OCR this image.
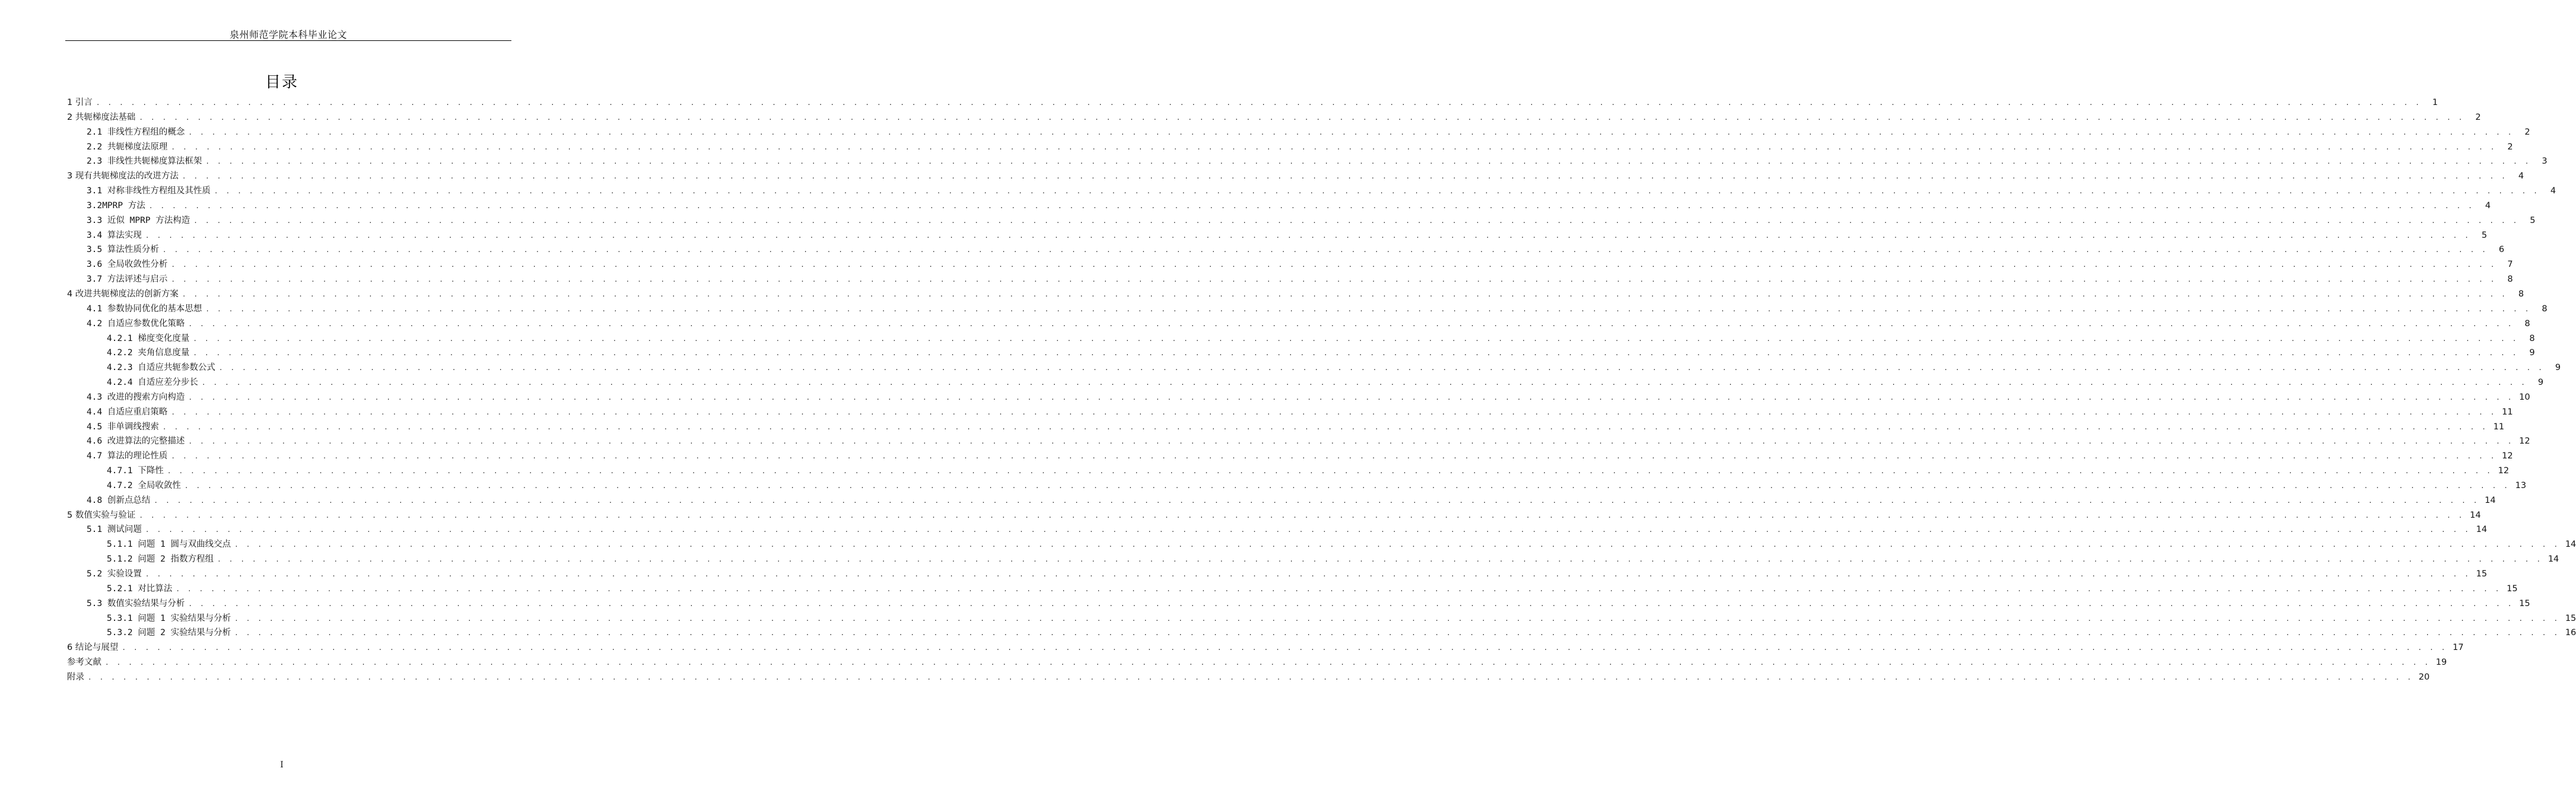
泉州师范学院本科毕业论文
目录
1 引言 . . . . . . . . . . . . . . . . . . . . . . . . . . . . . . . . . . . . . . . . . . . . . . . . . . . . . . . . . . . . . . . . . . . . . . . . . . . . . . . . . . . . . . . . . . . . . . . . . . . . . . . . . . . . . . . . . . . . . . . . . . . . . . . . . . . . . . . . . . . . . . . . . . . . . . . . . . . . . . . . . . . . . . . . . . . . . . . . . . . . . . . . . . . . . . . . . . . . . . . .	1
2 共轭梯度法基础 . . . . . . . . . . . . . . . . . . . . . . . . . . . . . . . . . . . . . . . . . . . . . . . . . . . . . . . . . . . . . . . . . . . . . . . . . . . . . . . . . . . . . . . . . . . . . . . . . . . . . . . . . . . . . . . . . . . . . . . . . . . . . . . . . . . . . . . . . . . . . . . . . . . . . . . . . . . . . . . . . . . . . . . . . . . . . . . . . . . . . . . . . . . . . . . . . . . . . . . .	2
2.1 非线性方程组的概念 . . . . . . . . . . . . . . . . . . . . . . . . . . . . . . . . . . . . . . . . . . . . . . . . . . . . . . . . . . . . . . . . . . . . . . . . . . . . . . . . . . . . . . . . . . . . . . . . . . . . . . . . . . . . . . . . . . . . . . . . . . . . . . . . . . . . . . . . . . . . . . . . . . . . . . . . . . . . . . . . . . . . . . . . . . . . . . . . . . . . . . . . . . . . . . . . . . . . . . . .	2
2.2 共轭梯度法原理 . . . . . . . . . . . . . . . . . . . . . . . . . . . . . . . . . . . . . . . . . . . . . . . . . . . . . . . . . . . . . . . . . . . . . . . . . . . . . . . . . . . . . . . . . . . . . . . . . . . . . . . . . . . . . . . . . . . . . . . . . . . . . . . . . . . . . . . . . . . . . . . . . . . . . . . . . . . . . . . . . . . . . . . . . . . . . . . . . . . . . . . . . . . . . . . . . . . . . . . .	2
2.3 非线性共轭梯度算法框架 . . . . . . . . . . . . . . . . . . . . . . . . . . . . . . . . . . . . . . . . . . . . . . . . . . . . . . . . . . . . . . . . . . . . . . . . . . . . . . . . . . . . . . . . . . . . . . . . . . . . . . . . . . . . . . . . . . . . . . . . . . . . . . . . . . . . . . . . . . . . . . . . . . . . . . . . . . . . . . . . . . . . . . . . . . . . . . . . . . . . . . . . . . . . . . . . . . . . . . . .	3
3 现有共轭梯度法的改进方法 . . . . . . . . . . . . . . . . . . . . . . . . . . . . . . . . . . . . . . . . . . . . . . . . . . . . . . . . . . . . . . . . . . . . . . . . . . . . . . . . . . . . . . . . . . . . . . . . . . . . . . . . . . . . . . . . . . . . . . . . . . . . . . . . . . . . . . . . . . . . . . . . . . . . . . . . . . . . . . . . . . . . . . . . . . . . . . . . . . . . . . . . . . . . . . . . . . . . . . . .	4
3.1 对称非线性方程组及其性质 . . . . . . . . . . . . . . . . . . . . . . . . . . . . . . . . . . . . . . . . . . . . . . . . . . . . . . . . . . . . . . . . . . . . . . . . . . . . . . . . . . . . . . . . . . . . . . . . . . . . . . . . . . . . . . . . . . . . . . . . . . . . . . . . . . . . . . . . . . . . . . . . . . . . . . . . . . . . . . . . . . . . . . . . . . . . . . . . . . . . . . . . . . . . . . . . . . . . . . . .	4
3.2MPRP 方法 . . . . . . . . . . . . . . . . . . . . . . . . . . . . . . . . . . . . . . . . . . . . . . . . . . . . . . . . . . . . . . . . . . . . . . . . . . . . . . . . . . . . . . . . . . . . . . . . . . . . . . . . . . . . . . . . . . . . . . . . . . . . . . . . . . . . . . . . . . . . . . . . . . . . . . . . . . . . . . . . . . . . . . . . . . . . . . . . . . . . . . . . . . . . . . . . . . . . . . . .	4
3.3 近似 MPRP 方法构造 . . . . . . . . . . . . . . . . . . . . . . . . . . . . . . . . . . . . . . . . . . . . . . . . . . . . . . . . . . . . . . . . . . . . . . . . . . . . . . . . . . . . . . . . . . . . . . . . . . . . . . . . . . . . . . . . . . . . . . . . . . . . . . . . . . . . . . . . . . . . . . . . . . . . . . . . . . . . . . . . . . . . . . . . . . . . . . . . . . . . . . . . . . . . . . . . . . . . . . . .	5
3.4 算法实现 . . . . . . . . . . . . . . . . . . . . . . . . . . . . . . . . . . . . . . . . . . . . . . . . . . . . . . . . . . . . . . . . . . . . . . . . . . . . . . . . . . . . . . . . . . . . . . . . . . . . . . . . . . . . . . . . . . . . . . . . . . . . . . . . . . . . . . . . . . . . . . . . . . . . . . . . . . . . . . . . . . . . . . . . . . . . . . . . . . . . . . . . . . . . . . . . . . . . . . . .	5
3.5 算法性质分析 . . . . . . . . . . . . . . . . . . . . . . . . . . . . . . . . . . . . . . . . . . . . . . . . . . . . . . . . . . . . . . . . . . . . . . . . . . . . . . . . . . . . . . . . . . . . . . . . . . . . . . . . . . . . . . . . . . . . . . . . . . . . . . . . . . . . . . . . . . . . . . . . . . . . . . . . . . . . . . . . . . . . . . . . . . . . . . . . . . . . . . . . . . . . . . . . . . . . . . . .	6
3.6 全局收敛性分析 . . . . . . . . . . . . . . . . . . . . . . . . . . . . . . . . . . . . . . . . . . . . . . . . . . . . . . . . . . . . . . . . . . . . . . . . . . . . . . . . . . . . . . . . . . . . . . . . . . . . . . . . . . . . . . . . . . . . . . . . . . . . . . . . . . . . . . . . . . . . . . . . . . . . . . . . . . . . . . . . . . . . . . . . . . . . . . . . . . . . . . . . . . . . . . . . . . . . . . . .	7
3.7 方法评述与启示 . . . . . . . . . . . . . . . . . . . . . . . . . . . . . . . . . . . . . . . . . . . . . . . . . . . . . . . . . . . . . . . . . . . . . . . . . . . . . . . . . . . . . . . . . . . . . . . . . . . . . . . . . . . . . . . . . . . . . . . . . . . . . . . . . . . . . . . . . . . . . . . . . . . . . . . . . . . . . . . . . . . . . . . . . . . . . . . . . . . . . . . . . . . . . . . . . . . . . . . .	8
4 改进共轭梯度法的创新方案 . . . . . . . . . . . . . . . . . . . . . . . . . . . . . . . . . . . . . . . . . . . . . . . . . . . . . . . . . . . . . . . . . . . . . . . . . . . . . . . . . . . . . . . . . . . . . . . . . . . . . . . . . . . . . . . . . . . . . . . . . . . . . . . . . . . . . . . . . . . . . . . . . . . . . . . . . . . . . . . . . . . . . . . . . . . . . . . . . . . . . . . . . . . . . . . . . . . . . . . .	8
4.1 参数协同优化的基本思想 . . . . . . . . . . . . . . . . . . . . . . . . . . . . . . . . . . . . . . . . . . . . . . . . . . . . . . . . . . . . . . . . . . . . . . . . . . . . . . . . . . . . . . . . . . . . . . . . . . . . . . . . . . . . . . . . . . . . . . . . . . . . . . . . . . . . . . . . . . . . . . . . . . . . . . . . . . . . . . . . . . . . . . . . . . . . . . . . . . . . . . . . . . . . . . . . . . . . . . . .	8
4.2 自适应参数优化策略 . . . . . . . . . . . . . . . . . . . . . . . . . . . . . . . . . . . . . . . . . . . . . . . . . . . . . . . . . . . . . . . . . . . . . . . . . . . . . . . . . . . . . . . . . . . . . . . . . . . . . . . . . . . . . . . . . . . . . . . . . . . . . . . . . . . . . . . . . . . . . . . . . . . . . . . . . . . . . . . . . . . . . . . . . . . . . . . . . . . . . . . . . . . . . . . . . . . . . . . .	8
4.2.1 梯度变化度量 . . . . . . . . . . . . . . . . . . . . . . . . . . . . . . . . . . . . . . . . . . . . . . . . . . . . . . . . . . . . . . . . . . . . . . . . . . . . . . . . . . . . . . . . . . . . . . . . . . . . . . . . . . . . . . . . . . . . . . . . . . . . . . . . . . . . . . . . . . . . . . . . . . . . . . . . . . . . . . . . . . . . . . . . . . . . . . . . . . . . . . . . . . . . . . . . . . . . . . . .	8
4.2.2 夹角信息度量 . . . . . . . . . . . . . . . . . . . . . . . . . . . . . . . . . . . . . . . . . . . . . . . . . . . . . . . . . . . . . . . . . . . . . . . . . . . . . . . . . . . . . . . . . . . . . . . . . . . . . . . . . . . . . . . . . . . . . . . . . . . . . . . . . . . . . . . . . . . . . . . . . . . . . . . . . . . . . . . . . . . . . . . . . . . . . . . . . . . . . . . . . . . . . . . . . . . . . . . .	9
4.2.3 自适应共轭参数公式 . . . . . . . . . . . . . . . . . . . . . . . . . . . . . . . . . . . . . . . . . . . . . . . . . . . . . . . . . . . . . . . . . . . . . . . . . . . . . . . . . . . . . . . . . . . . . . . . . . . . . . . . . . . . . . . . . . . . . . . . . . . . . . . . . . . . . . . . . . . . . . . . . . . . . . . . . . . . . . . . . . . . . . . . . . . . . . . . . . . . . . . . . . . . . . . . . . . . . . . .	9
4.2.4 自适应差分步长 . . . . . . . . . . . . . . . . . . . . . . . . . . . . . . . . . . . . . . . . . . . . . . . . . . . . . . . . . . . . . . . . . . . . . . . . . . . . . . . . . . . . . . . . . . . . . . . . . . . . . . . . . . . . . . . . . . . . . . . . . . . . . . . . . . . . . . . . . . . . . . . . . . . . . . . . . . . . . . . . . . . . . . . . . . . . . . . . . . . . . . . . . . . . . . . . . . . . . . . .	9
4.3 改进的搜索方向构造 . . . . . . . . . . . . . . . . . . . . . . . . . . . . . . . . . . . . . . . . . . . . . . . . . . . . . . . . . . . . . . . . . . . . . . . . . . . . . . . . . . . . . . . . . . . . . . . . . . . . . . . . . . . . . . . . . . . . . . . . . . . . . . . . . . . . . . . . . . . . . . . . . . . . . . . . . . . . . . . . . . . . . . . . . . . . . . . . . . . . . . . . . . . . . . . . . . . . . . . . 10
4.4 自适应重启策略 . . . . . . . . . . . . . . . . . . . . . . . . . . . . . . . . . . . . . . . . . . . . . . . . . . . . . . . . . . . . . . . . . . . . . . . . . . . . . . . . . . . . . . . . . . . . . . . . . . . . . . . . . . . . . . . . . . . . . . . . . . . . . . . . . . . . . . . . . . . . . . . . . . . . . . . . . . . . . . . . . . . . . . . . . . . . . . . . . . . . . . . . . . . . . . . . . . . . . . . . 11
4.5 非单调线搜索 . . . . . . . . . . . . . . . . . . . . . . . . . . . . . . . . . . . . . . . . . . . . . . . . . . . . . . . . . . . . . . . . . . . . . . . . . . . . . . . . . . . . . . . . . . . . . . . . . . . . . . . . . . . . . . . . . . . . . . . . . . . . . . . . . . . . . . . . . . . . . . . . . . . . . . . . . . . . . . . . . . . . . . . . . . . . . . . . . . . . . . . . . . . . . . . . . . . . . . . . 11
4.6 改进算法的完整描述 . . . . . . . . . . . . . . . . . . . . . . . . . . . . . . . . . . . . . . . . . . . . . . . . . . . . . . . . . . . . . . . . . . . . . . . . . . . . . . . . . . . . . . . . . . . . . . . . . . . . . . . . . . . . . . . . . . . . . . . . . . . . . . . . . . . . . . . . . . . . . . . . . . . . . . . . . . . . . . . . . . . . . . . . . . . . . . . . . . . . . . . . . . . . . . . . . . . . . . . . 12
4.7 算法的理论性质 . . . . . . . . . . . . . . . . . . . . . . . . . . . . . . . . . . . . . . . . . . . . . . . . . . . . . . . . . . . . . . . . . . . . . . . . . . . . . . . . . . . . . . . . . . . . . . . . . . . . . . . . . . . . . . . . . . . . . . . . . . . . . . . . . . . . . . . . . . . . . . . . . . . . . . . . . . . . . . . . . . . . . . . . . . . . . . . . . . . . . . . . . . . . . . . . . . . . . . . . 12
4.7.1 下降性 . . . . . . . . . . . . . . . . . . . . . . . . . . . . . . . . . . . . . . . . . . . . . . . . . . . . . . . . . . . . . . . . . . . . . . . . . . . . . . . . . . . . . . . . . . . . . . . . . . . . . . . . . . . . . . . . . . . . . . . . . . . . . . . . . . . . . . . . . . . . . . . . . . . . . . . . . . . . . . . . . . . . . . . . . . . . . . . . . . . . . . . . . . . . . . . . . . . . . . . . 12
4.7.2 全局收敛性 . . . . . . . . . . . . . . . . . . . . . . . . . . . . . . . . . . . . . . . . . . . . . . . . . . . . . . . . . . . . . . . . . . . . . . . . . . . . . . . . . . . . . . . . . . . . . . . . . . . . . . . . . . . . . . . . . . . . . . . . . . . . . . . . . . . . . . . . . . . . . . . . . . . . . . . . . . . . . . . . . . . . . . . . . . . . . . . . . . . . . . . . . . . . . . . . . . . . . . . . 13
4.8 创新点总结 . . . . . . . . . . . . . . . . . . . . . . . . . . . . . . . . . . . . . . . . . . . . . . . . . . . . . . . . . . . . . . . . . . . . . . . . . . . . . . . . . . . . . . . . . . . . . . . . . . . . . . . . . . . . . . . . . . . . . . . . . . . . . . . . . . . . . . . . . . . . . . . . . . . . . . . . . . . . . . . . . . . . . . . . . . . . . . . . . . . . . . . . . . . . . . . . . . . . . . . . 14
5 数值实验与验证 . . . . . . . . . . . . . . . . . . . . . . . . . . . . . . . . . . . . . . . . . . . . . . . . . . . . . . . . . . . . . . . . . . . . . . . . . . . . . . . . . . . . . . . . . . . . . . . . . . . . . . . . . . . . . . . . . . . . . . . . . . . . . . . . . . . . . . . . . . . . . . . . . . . . . . . . . . . . . . . . . . . . . . . . . . . . . . . . . . . . . . . . . . . . . . . . . . . . . . . . 14
5.1 测试问题 . . . . . . . . . . . . . . . . . . . . . . . . . . . . . . . . . . . . . . . . . . . . . . . . . . . . . . . . . . . . . . . . . . . . . . . . . . . . . . . . . . . . . . . . . . . . . . . . . . . . . . . . . . . . . . . . . . . . . . . . . . . . . . . . . . . . . . . . . . . . . . . . . . . . . . . . . . . . . . . . . . . . . . . . . . . . . . . . . . . . . . . . . . . . . . . . . . . . . . . . 14
5.1.1 问题 1 圆与双曲线交点 . . . . . . . . . . . . . . . . . . . . . . . . . . . . . . . . . . . . . . . . . . . . . . . . . . . . . . . . . . . . . . . . . . . . . . . . . . . . . . . . . . . . . . . . . . . . . . . . . . . . . . . . . . . . . . . . . . . . . . . . . . . . . . . . . . . . . . . . . . . . . . . . . . . . . . . . . . . . . . . . . . . . . . . . . . . . . . . . . . . . . . . . . . . . . . . . . . . . . . . . 14
5.1.2 问题 2 指数方程组 . . . . . . . . . . . . . . . . . . . . . . . . . . . . . . . . . . . . . . . . . . . . . . . . . . . . . . . . . . . . . . . . . . . . . . . . . . . . . . . . . . . . . . . . . . . . . . . . . . . . . . . . . . . . . . . . . . . . . . . . . . . . . . . . . . . . . . . . . . . . . . . . . . . . . . . . . . . . . . . . . . . . . . . . . . . . . . . . . . . . . . . . . . . . . . . . . . . . . . . . 14
5.2 实验设置 . . . . . . . . . . . . . . . . . . . . . . . . . . . . . . . . . . . . . . . . . . . . . . . . . . . . . . . . . . . . . . . . . . . . . . . . . . . . . . . . . . . . . . . . . . . . . . . . . . . . . . . . . . . . . . . . . . . . . . . . . . . . . . . . . . . . . . . . . . . . . . . . . . . . . . . . . . . . . . . . . . . . . . . . . . . . . . . . . . . . . . . . . . . . . . . . . . . . . . . . 15
5.2.1 对比算法 . . . . . . . . . . . . . . . . . . . . . . . . . . . . . . . . . . . . . . . . . . . . . . . . . . . . . . . . . . . . . . . . . . . . . . . . . . . . . . . . . . . . . . . . . . . . . . . . . . . . . . . . . . . . . . . . . . . . . . . . . . . . . . . . . . . . . . . . . . . . . . . . . . . . . . . . . . . . . . . . . . . . . . . . . . . . . . . . . . . . . . . . . . . . . . . . . . . . . . . . 15
5.3 数值实验结果与分析 . . . . . . . . . . . . . . . . . . . . . . . . . . . . . . . . . . . . . . . . . . . . . . . . . . . . . . . . . . . . . . . . . . . . . . . . . . . . . . . . . . . . . . . . . . . . . . . . . . . . . . . . . . . . . . . . . . . . . . . . . . . . . . . . . . . . . . . . . . . . . . . . . . . . . . . . . . . . . . . . . . . . . . . . . . . . . . . . . . . . . . . . . . . . . . . . . . . . . . . . 15
5.3.1 问题 1 实验结果与分析 . . . . . . . . . . . . . . . . . . . . . . . . . . . . . . . . . . . . . . . . . . . . . . . . . . . . . . . . . . . . . . . . . . . . . . . . . . . . . . . . . . . . . . . . . . . . . . . . . . . . . . . . . . . . . . . . . . . . . . . . . . . . . . . . . . . . . . . . . . . . . . . . . . . . . . . . . . . . . . . . . . . . . . . . . . . . . . . . . . . . . . . . . . . . . . . . . . . . . . . . 15
5.3.2 问题 2 实验结果与分析 . . . . . . . . . . . . . . . . . . . . . . . . . . . . . . . . . . . . . . . . . . . . . . . . . . . . . . . . . . . . . . . . . . . . . . . . . . . . . . . . . . . . . . . . . . . . . . . . . . . . . . . . . . . . . . . . . . . . . . . . . . . . . . . . . . . . . . . . . . . . . . . . . . . . . . . . . . . . . . . . . . . . . . . . . . . . . . . . . . . . . . . . . . . . . . . . . . . . . . . . 16
6 结论与展望 . . . . . . . . . . . . . . . . . . . . . . . . . . . . . . . . . . . . . . . . . . . . . . . . . . . . . . . . . . . . . . . . . . . . . . . . . . . . . . . . . . . . . . . . . . . . . . . . . . . . . . . . . . . . . . . . . . . . . . . . . . . . . . . . . . . . . . . . . . . . . . . . . . . . . . . . . . . . . . . . . . . . . . . . . . . . . . . . . . . . . . . . . . . . . . . . . . . . . . . . 17
参考文献 . . . . . . . . . . . . . . . . . . . . . . . . . . . . . . . . . . . . . . . . . . . . . . . . . . . . . . . . . . . . . . . . . . . . . . . . . . . . . . . . . . . . . . . . . . . . . . . . . . . . . . . . . . . . . . . . . . . . . . . . . . . . . . . . . . . . . . . . . . . . . . . . . . . . . . . . . . . . . . . . . . . . . . . . . . . . . . . . . . . . . . . . . . . . . . . . . . . . . . . . 19
附录 . . . . . . . . . . . . . . . . . . . . . . . . . . . . . . . . . . . . . . . . . . . . . . . . . . . . . . . . . . . . . . . . . . . . . . . . . . . . . . . . . . . . . . . . . . . . . . . . . . . . . . . . . . . . . . . . . . . . . . . . . . . . . . . . . . . . . . . . . . . . . . . . . . . . . . . . . . . . . . . . . . . . . . . . . . . . . . . . . . . . . . . . . . . . . . . . . . . . . . . . 20
I
